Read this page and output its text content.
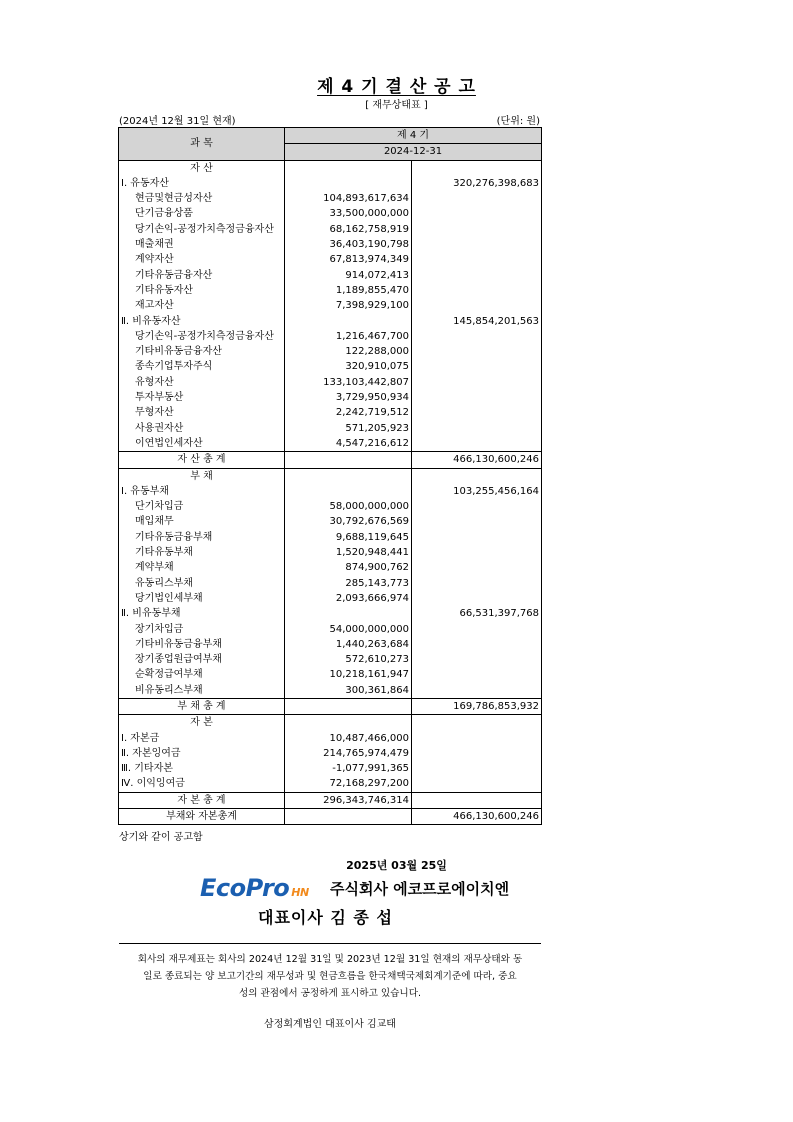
제 4 기 결 산 공 고
[ 재무상태표 ]
(2024년 12월 31일 현재)	(단위: 원)
과 목	제 4 기	
	2024-12-31	
자 산		
Ⅰ. 유동자산		320,276,398,683
현금및현금성자산	104,893,617,634	
단기금융상품	33,500,000,000	
당기손익-공정가치측정금융자산	68,162,758,919	
매출채권	36,403,190,798	
계약자산	67,813,974,349	
기타유동금융자산	914,072,413	
기타유동자산	1,189,855,470	
재고자산	7,398,929,100	
Ⅱ. 비유동자산		145,854,201,563
당기손익-공정가치측정금융자산	1,216,467,700	
기타비유동금융자산	122,288,000	
종속기업투자주식	320,910,075	
유형자산	133,103,442,807	
투자부동산	3,729,950,934	
무형자산	2,242,719,512	
사용권자산	571,205,923	
이연법인세자산	4,547,216,612	
자 산 총 계		466,130,600,246
부 채		
Ⅰ. 유동부채		103,255,456,164
단기차입금	58,000,000,000	
매입채무	30,792,676,569	
기타유동금융부채	9,688,119,645	
기타유동부채	1,520,948,441	
계약부채	874,900,762	
유동리스부채	285,143,773	
당기법인세부채	2,093,666,974	
Ⅱ. 비유동부채		66,531,397,768
장기차입금	54,000,000,000	
기타비유동금융부채	1,440,263,684	
장기종업원급여부채	572,610,273	
순확정급여부채	10,218,161,947	
비유동리스부채	300,361,864	
부 채 총 계		169,786,853,932
자 본		
Ⅰ. 자본금	10,487,466,000	
Ⅱ. 자본잉여금	214,765,974,479	
Ⅲ. 기타자본	-1,077,991,365	
Ⅳ. 이익잉여금	72,168,297,200	
자 본 총 계	296,343,746,314	
부채와 자본총계		466,130,600,246
상기와 같이 공고함
2025년 03월 25일
EcoPro HN 주식회사 에코프로에이치엔
대표이사 김 종 섭
회사의 재무제표는 회사의 2024년 12월 31일 및 2023년 12월 31일 현재의 재무상태와 동
일로 종료되는 양 보고기간의 재무성과 및 현금흐름을 한국채택국제회계기준에 따라, 중요
성의 관점에서 공정하게 표시하고 있습니다.
삼정회계법인 대표이사 김교태
